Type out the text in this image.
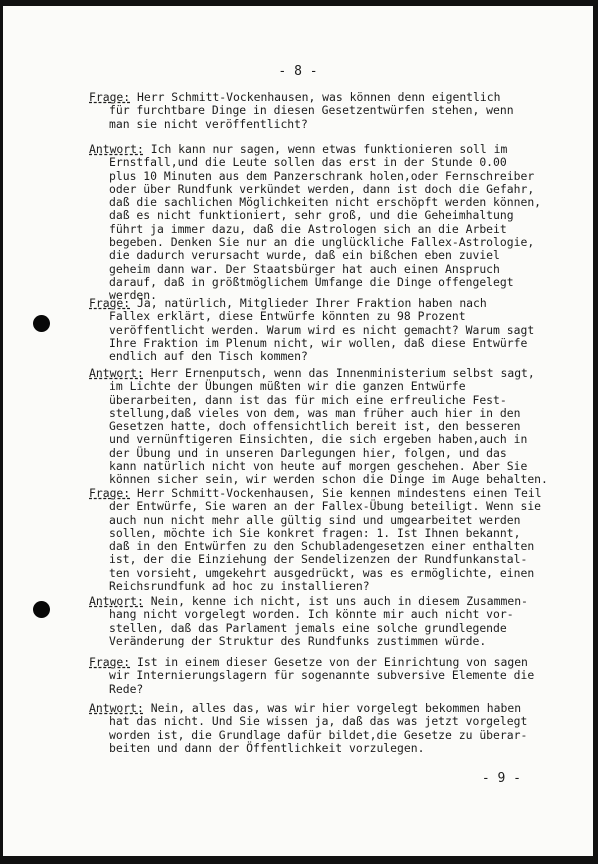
- 8 -

Frage: Herr Schmitt-Vockenhausen, was können denn eigentlich

für furchtbare Dinge in diesen Gesetzentwürfen stehen, wenn

man sie nicht veröffentlicht?

Antwort: Ich kann nur sagen, wenn etwas funktionieren soll im

Ernstfall,und die Leute sollen das erst in der Stunde 0.00

plus 10 Minuten aus dem Panzerschrank holen,oder Fernschreiber

oder über Rundfunk verkündet werden, dann ist doch die Gefahr,

daß die sachlichen Möglichkeiten nicht erschöpft werden können,

daß es nicht funktioniert, sehr groß, und die Geheimhaltung

führt ja immer dazu, daß die Astrologen sich an die Arbeit

begeben. Denken Sie nur an die unglückliche Fallex-Astrologie,

die dadurch verursacht wurde, daß ein bißchen eben zuviel

geheim dann war. Der Staatsbürger hat auch einen Anspruch

darauf, daß in größtmöglichem Umfange die Dinge offengelegt

werden.

Frage: Ja, natürlich, Mitglieder Ihrer Fraktion haben nach

Fallex erklärt, diese Entwürfe könnten zu 98 Prozent

veröffentlicht werden. Warum wird es nicht gemacht? Warum sagt

Ihre Fraktion im Plenum nicht, wir wollen, daß diese Entwürfe

endlich auf den Tisch kommen?

Antwort: Herr Ernenputsch, wenn das Innenministerium selbst sagt,

im Lichte der Übungen müßten wir die ganzen Entwürfe

überarbeiten, dann ist das für mich eine erfreuliche Fest-

stellung,daß vieles von dem, was man früher auch hier in den

Gesetzen hatte, doch offensichtlich bereit ist, den besseren

und vernünftigeren Einsichten, die sich ergeben haben,auch in

der Übung und in unseren Darlegungen hier, folgen, und das

kann natürlich nicht von heute auf morgen geschehen. Aber Sie

können sicher sein, wir werden schon die Dinge im Auge behalten.

Frage: Herr Schmitt-Vockenhausen, Sie kennen mindestens einen Teil

der Entwürfe, Sie waren an der Fallex-Übung beteiligt. Wenn sie

auch nun nicht mehr alle gültig sind und umgearbeitet werden

sollen, möchte ich Sie konkret fragen: 1. Ist Ihnen bekannt,

daß in den Entwürfen zu den Schubladengesetzen einer enthalten

ist, der die Einziehung der Sendelizenzen der Rundfunkanstal-

ten vorsieht, umgekehrt ausgedrückt, was es ermöglichte, einen

Reichsrundfunk ad hoc zu installieren?

Antwort: Nein, kenne ich nicht, ist uns auch in diesem Zusammen-

hang nicht vorgelegt worden. Ich könnte mir auch nicht vor-

stellen, daß das Parlament jemals eine solche grundlegende

Veränderung der Struktur des Rundfunks zustimmen würde.

Frage: Ist in einem dieser Gesetze von der Einrichtung von sagen

wir Internierungslagern für sogenannte subversive Elemente die

Rede?

Antwort: Nein, alles das, was wir hier vorgelegt bekommen haben

hat das nicht. Und Sie wissen ja, daß das was jetzt vorgelegt

worden ist, die Grundlage dafür bildet,die Gesetze zu überar-

beiten und dann der Öffentlichkeit vorzulegen.

- 9 -
